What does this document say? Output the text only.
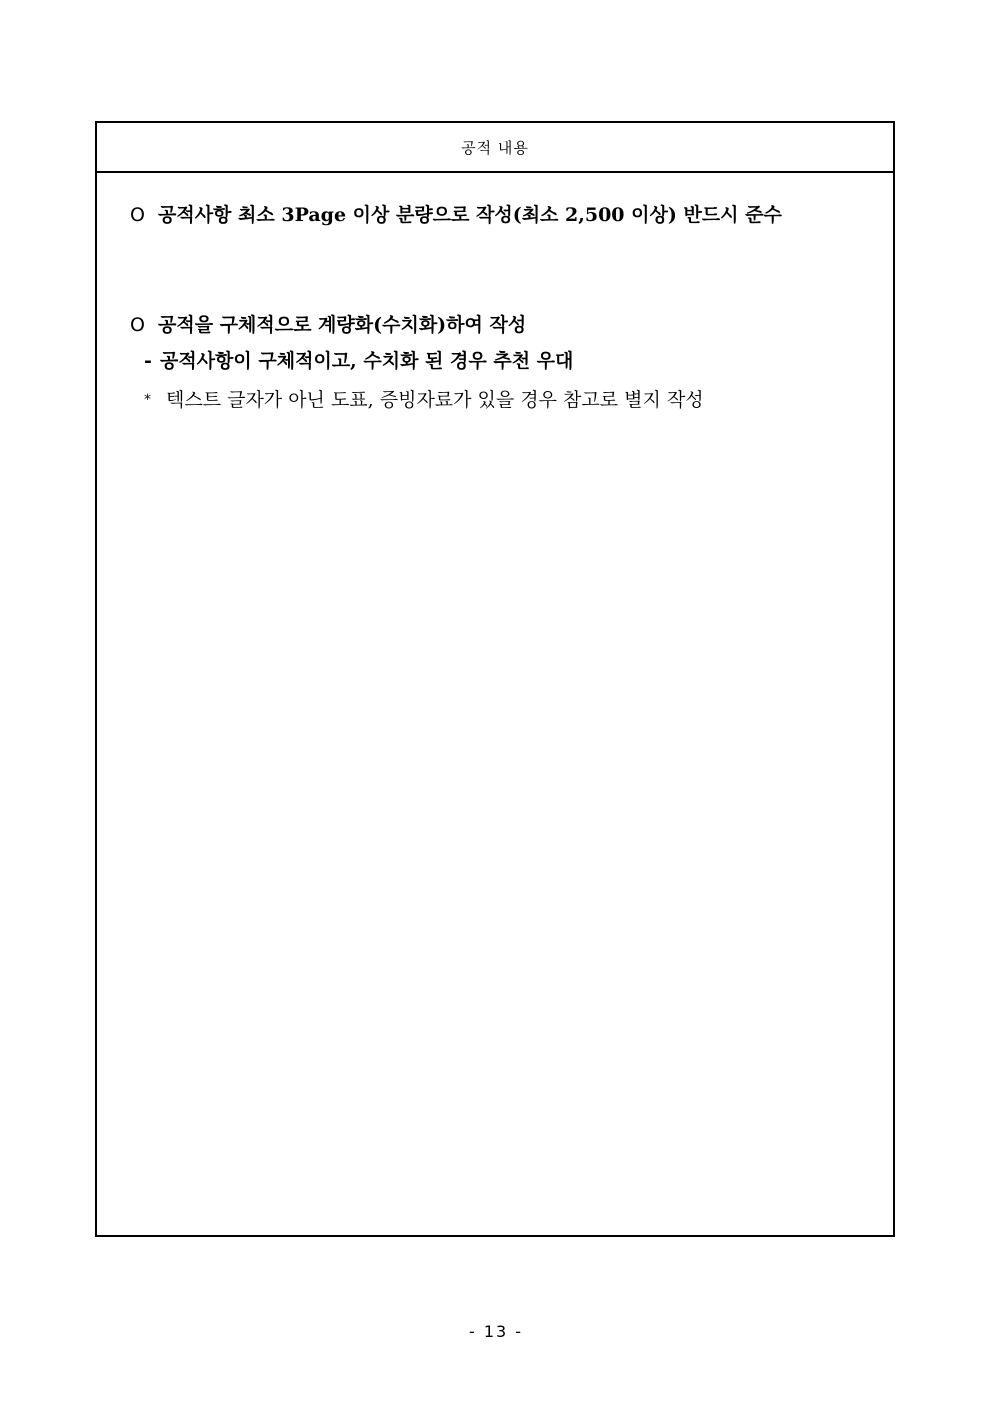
공적 내용
O 공적사항 최소 3Page 이상 분량으로 작성(최소 2,500 이상) 반드시 준수
O 공적을 구체적으로 계량화(수치화)하여 작성
- 공적사항이 구체적이고, 수치화 된 경우 추천 우대
* 텍스트 글자가 아닌 도표, 증빙자료가 있을 경우 참고로 별지 작성
- 13 -
